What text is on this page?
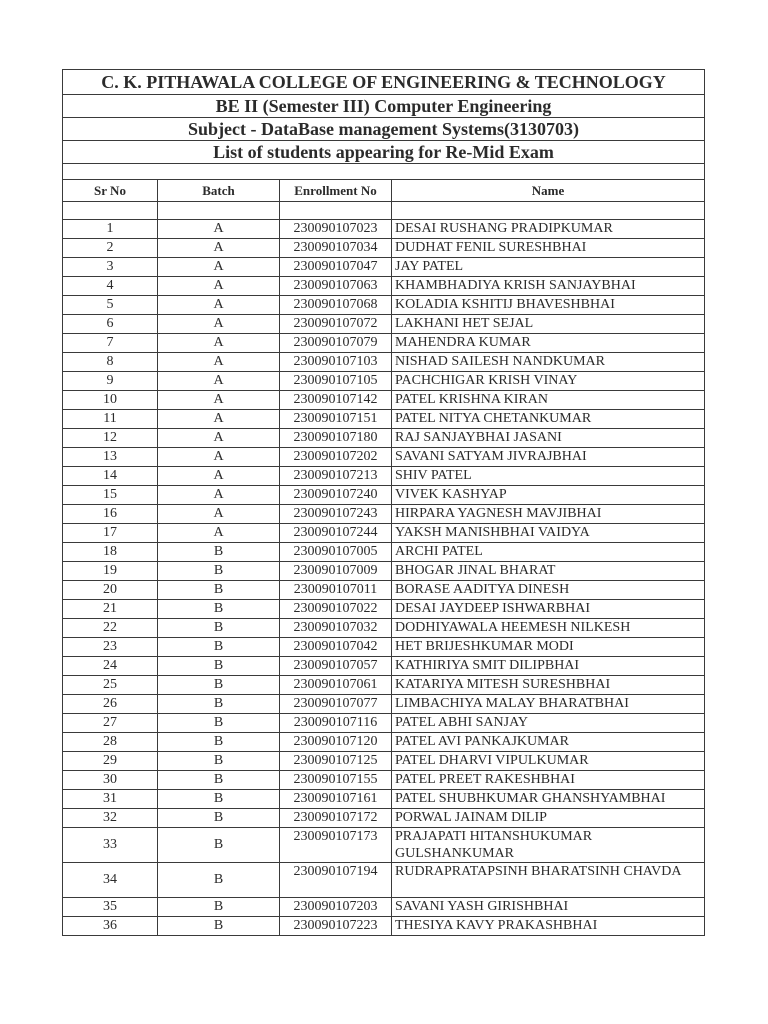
C. K. PITHAWALA COLLEGE OF ENGINEERING & TECHNOLOGY			
BE II (Semester III) Computer Engineering			
Subject - DataBase management Systems(3130703)			
List of students appearing for Re-Mid Exam			

Sr No	Batch	Enrollment No	Name

1	A	230090107023	DESAI RUSHANG PRADIPKUMAR
2	A	230090107034	DUDHAT FENIL SURESHBHAI
3	A	230090107047	JAY PATEL
4	A	230090107063	KHAMBHADIYA KRISH SANJAYBHAI
5	A	230090107068	KOLADIA KSHITIJ BHAVESHBHAI
6	A	230090107072	LAKHANI HET SEJAL
7	A	230090107079	MAHENDRA KUMAR
8	A	230090107103	NISHAD SAILESH NANDKUMAR
9	A	230090107105	PACHCHIGAR KRISH VINAY
10	A	230090107142	PATEL KRISHNA KIRAN
11	A	230090107151	PATEL NITYA CHETANKUMAR
12	A	230090107180	RAJ SANJAYBHAI JASANI
13	A	230090107202	SAVANI SATYAM JIVRAJBHAI
14	A	230090107213	SHIV PATEL
15	A	230090107240	VIVEK KASHYAP
16	A	230090107243	HIRPARA YAGNESH MAVJIBHAI
17	A	230090107244	YAKSH MANISHBHAI VAIDYA
18	B	230090107005	ARCHI PATEL
19	B	230090107009	BHOGAR JINAL BHARAT
20	B	230090107011	BORASE AADITYA DINESH
21	B	230090107022	DESAI JAYDEEP ISHWARBHAI
22	B	230090107032	DODHIYAWALA HEEMESH NILKESH
23	B	230090107042	HET BRIJESHKUMAR MODI
24	B	230090107057	KATHIRIYA SMIT DILIPBHAI
25	B	230090107061	KATARIYA MITESH SURESHBHAI
26	B	230090107077	LIMBACHIYA MALAY BHARATBHAI
27	B	230090107116	PATEL ABHI SANJAY
28	B	230090107120	PATEL AVI PANKAJKUMAR
29	B	230090107125	PATEL DHARVI VIPULKUMAR
30	B	230090107155	PATEL PREET RAKESHBHAI
31	B	230090107161	PATEL SHUBHKUMAR GHANSHYAMBHAI
32	B	230090107172	PORWAL JAINAM DILIP
33	B	230090107173	PRAJAPATI HITANSHUKUMAR GULSHANKUMAR
34	B	230090107194	RUDRAPRATAPSINH BHARATSINH CHAVDA
35	B	230090107203	SAVANI YASH GIRISHBHAI
36	B	230090107223	THESIYA KAVY PRAKASHBHAI
